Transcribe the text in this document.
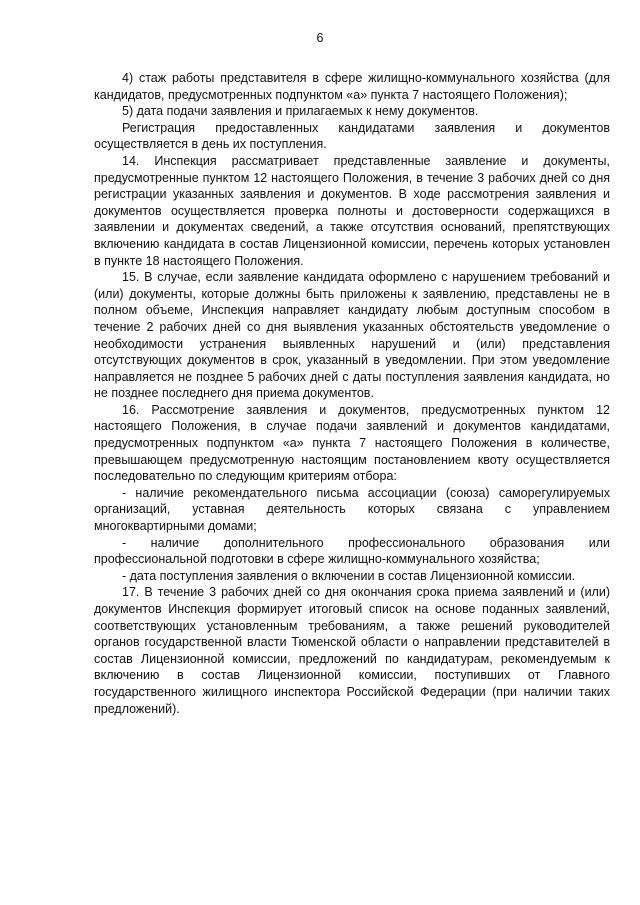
6

4) стаж работы представителя в сфере жилищно-коммунального хозяйства (для кандидатов, предусмотренных подпунктом «а» пункта 7 настоящего Положения);

5) дата подачи заявления и прилагаемых к нему документов.

Регистрация предоставленных кандидатами заявления и документов осуществляется в день их поступления.

14. Инспекция рассматривает представленные заявление и документы, предусмотренные пунктом 12 настоящего Положения, в течение 3 рабочих дней со дня регистрации указанных заявления и документов. В ходе рассмотрения заявления и документов осуществляется проверка полноты и достоверности содержащихся в заявлении и документах сведений, а также отсутствия оснований, препятствующих включению кандидата в состав Лицензионной комиссии, перечень которых установлен в пункте 18 настоящего Положения.

15. В случае, если заявление кандидата оформлено с нарушением требований и (или) документы, которые должны быть приложены к заявлению, представлены не в полном объеме, Инспекция направляет кандидату любым доступным способом в течение 2 рабочих дней со дня выявления указанных обстоятельств уведомление о необходимости устранения выявленных нарушений и (или) представления отсутствующих документов в срок, указанный в уведомлении. При этом уведомление направляется не позднее 5 рабочих дней с даты поступления заявления кандидата, но не позднее последнего дня приема документов.

16. Рассмотрение заявления и документов, предусмотренных пунктом 12 настоящего Положения, в случае подачи заявлений и документов кандидатами, предусмотренных подпунктом «а» пункта 7 настоящего Положения в количестве, превышающем предусмотренную настоящим постановлением квоту осуществляется последовательно по следующим критериям отбора:

- наличие рекомендательного письма ассоциации (союза) саморегулируемых организаций, уставная деятельность которых связана с управлением многоквартирными домами;

- наличие дополнительного профессионального образования или профессиональной подготовки в сфере жилищно-коммунального хозяйства;

- дата поступления заявления о включении в состав Лицензионной комиссии.

17. В течение 3 рабочих дней со дня окончания срока приема заявлений и (или) документов Инспекция формирует итоговый список на основе поданных заявлений, соответствующих установленным требованиям, а также решений руководителей органов государственной власти Тюменской области о направлении представителей в состав Лицензионной комиссии, предложений по кандидатурам, рекомендуемым к включению в состав Лицензионной комиссии, поступивших от Главного государственного жилищного инспектора Российской Федерации (при наличии таких предложений).
